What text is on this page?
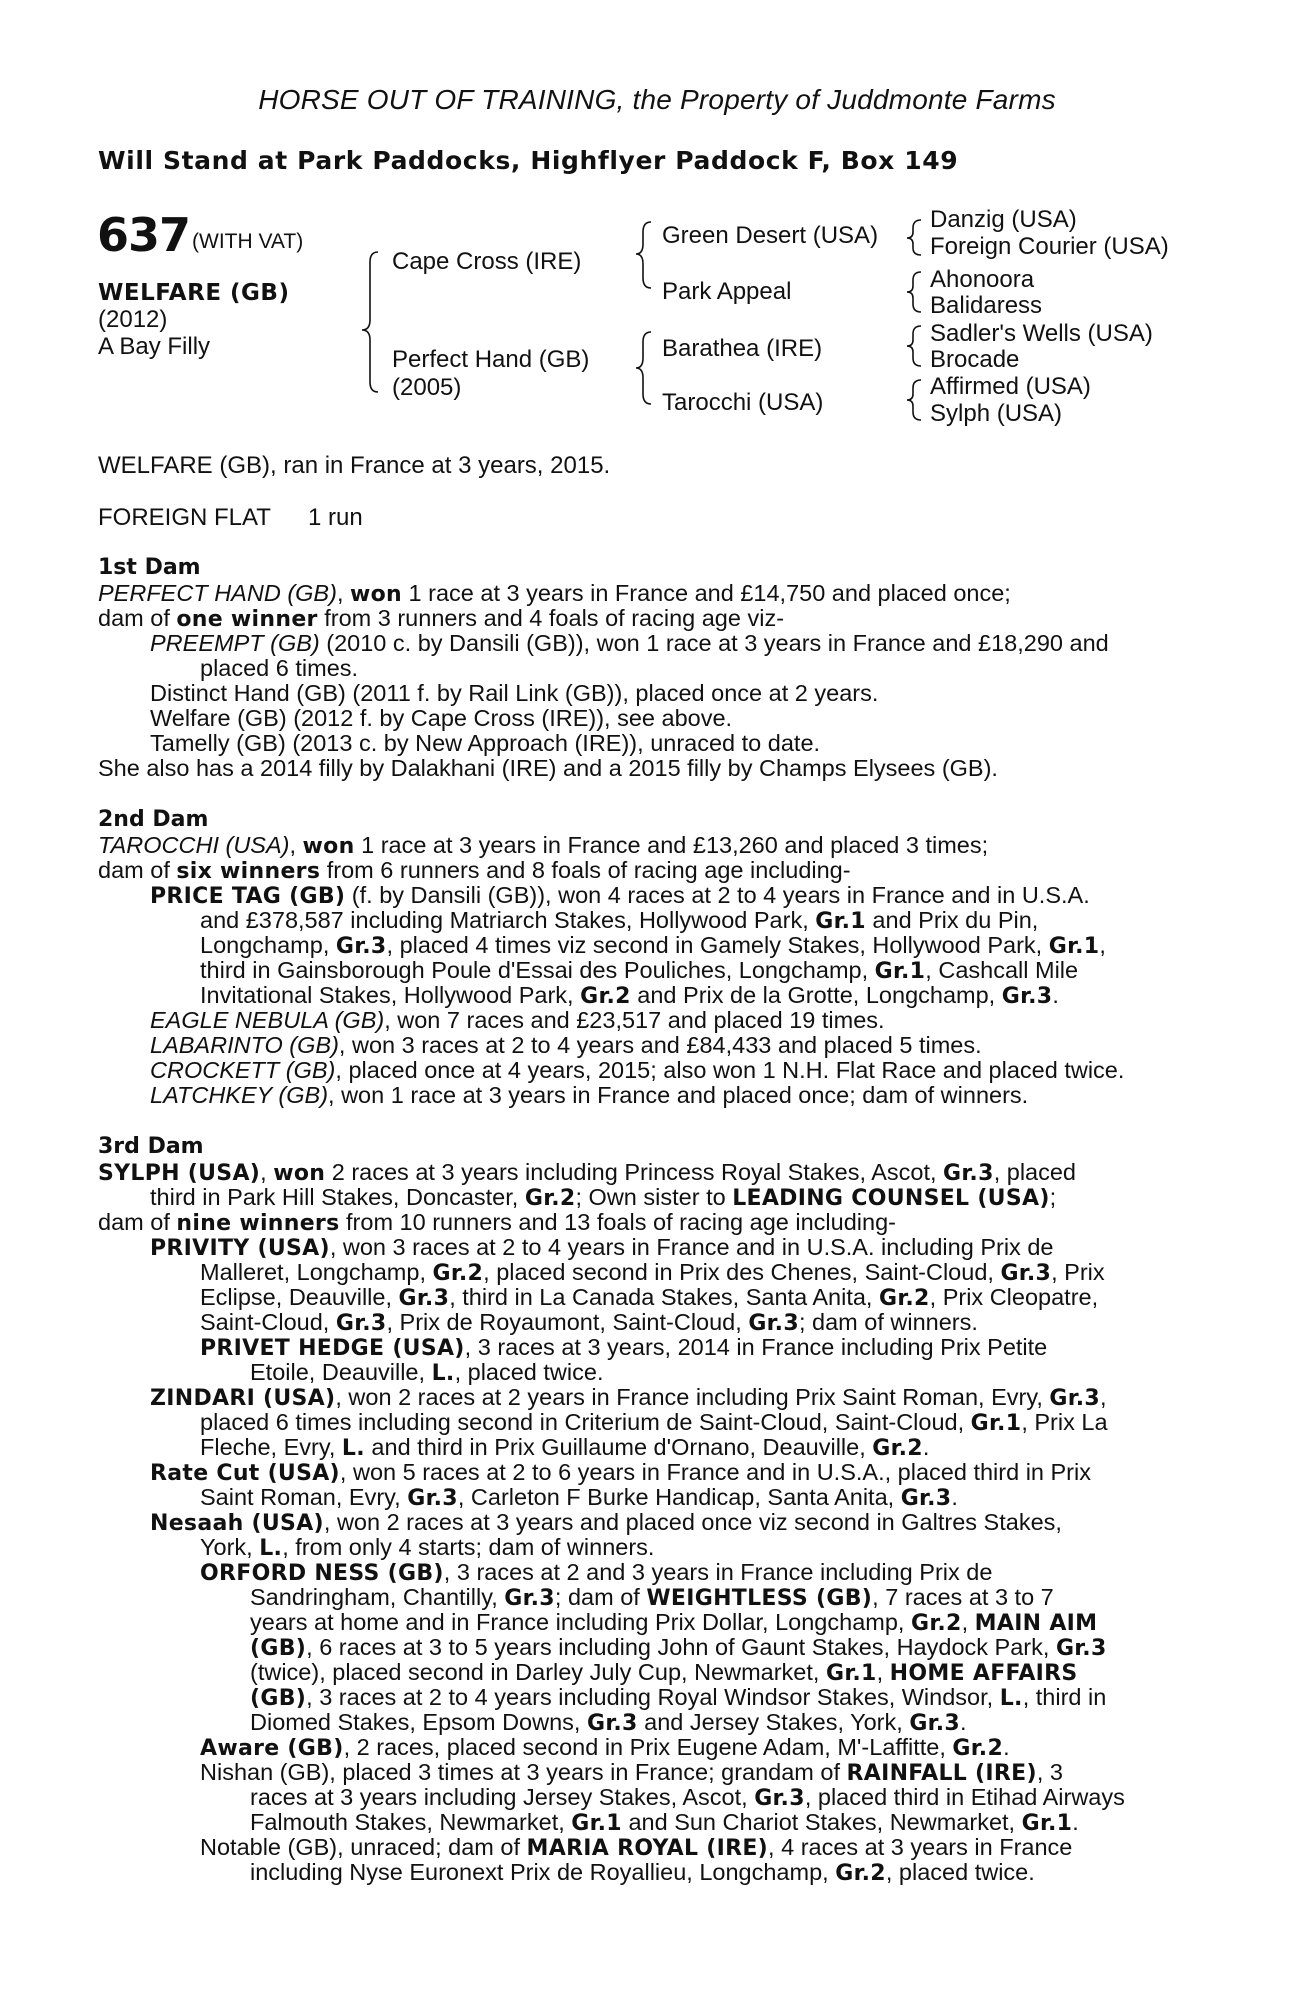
HORSE OUT OF TRAINING, the Property of Juddmonte Farms
Will Stand at Park Paddocks, Highflyer Paddock F, Box 149
637 (WITH VAT)
WELFARE (GB)
(2012)
A Bay Filly
Cape Cross (IRE)
Perfect Hand (GB)
(2005)
Green Desert (USA)
Park Appeal
Barathea (IRE)
Tarocchi (USA)
Danzig (USA)
Foreign Courier (USA)
Ahonoora
Balidaress
Sadler's Wells (USA)
Brocade
Affirmed (USA)
Sylph (USA)
WELFARE (GB), ran in France at 3 years, 2015.
FOREIGN FLAT 1 run
1st Dam
PERFECT HAND (GB), won 1 race at 3 years in France and £14,750 and placed once;
dam of one winner from 3 runners and 4 foals of racing age viz-
PREEMPT (GB) (2010 c. by Dansili (GB)), won 1 race at 3 years in France and £18,290 and
placed 6 times.
Distinct Hand (GB) (2011 f. by Rail Link (GB)), placed once at 2 years.
Welfare (GB) (2012 f. by Cape Cross (IRE)), see above.
Tamelly (GB) (2013 c. by New Approach (IRE)), unraced to date.
She also has a 2014 filly by Dalakhani (IRE) and a 2015 filly by Champs Elysees (GB).
2nd Dam
TAROCCHI (USA), won 1 race at 3 years in France and £13,260 and placed 3 times;
dam of six winners from 6 runners and 8 foals of racing age including-
PRICE TAG (GB) (f. by Dansili (GB)), won 4 races at 2 to 4 years in France and in U.S.A.
and £378,587 including Matriarch Stakes, Hollywood Park, Gr.1 and Prix du Pin,
Longchamp, Gr.3, placed 4 times viz second in Gamely Stakes, Hollywood Park, Gr.1,
third in Gainsborough Poule d'Essai des Pouliches, Longchamp, Gr.1, Cashcall Mile
Invitational Stakes, Hollywood Park, Gr.2 and Prix de la Grotte, Longchamp, Gr.3.
EAGLE NEBULA (GB), won 7 races and £23,517 and placed 19 times.
LABARINTO (GB), won 3 races at 2 to 4 years and £84,433 and placed 5 times.
CROCKETT (GB), placed once at 4 years, 2015; also won 1 N.H. Flat Race and placed twice.
LATCHKEY (GB), won 1 race at 3 years in France and placed once; dam of winners.
3rd Dam
SYLPH (USA), won 2 races at 3 years including Princess Royal Stakes, Ascot, Gr.3, placed
third in Park Hill Stakes, Doncaster, Gr.2; Own sister to LEADING COUNSEL (USA);
dam of nine winners from 10 runners and 13 foals of racing age including-
PRIVITY (USA), won 3 races at 2 to 4 years in France and in U.S.A. including Prix de
Malleret, Longchamp, Gr.2, placed second in Prix des Chenes, Saint-Cloud, Gr.3, Prix
Eclipse, Deauville, Gr.3, third in La Canada Stakes, Santa Anita, Gr.2, Prix Cleopatre,
Saint-Cloud, Gr.3, Prix de Royaumont, Saint-Cloud, Gr.3; dam of winners.
PRIVET HEDGE (USA), 3 races at 3 years, 2014 in France including Prix Petite
Etoile, Deauville, L., placed twice.
ZINDARI (USA), won 2 races at 2 years in France including Prix Saint Roman, Evry, Gr.3,
placed 6 times including second in Criterium de Saint-Cloud, Saint-Cloud, Gr.1, Prix La
Fleche, Evry, L. and third in Prix Guillaume d'Ornano, Deauville, Gr.2.
Rate Cut (USA), won 5 races at 2 to 6 years in France and in U.S.A., placed third in Prix
Saint Roman, Evry, Gr.3, Carleton F Burke Handicap, Santa Anita, Gr.3.
Nesaah (USA), won 2 races at 3 years and placed once viz second in Galtres Stakes,
York, L., from only 4 starts; dam of winners.
ORFORD NESS (GB), 3 races at 2 and 3 years in France including Prix de
Sandringham, Chantilly, Gr.3; dam of WEIGHTLESS (GB), 7 races at 3 to 7
years at home and in France including Prix Dollar, Longchamp, Gr.2, MAIN AIM
(GB), 6 races at 3 to 5 years including John of Gaunt Stakes, Haydock Park, Gr.3
(twice), placed second in Darley July Cup, Newmarket, Gr.1, HOME AFFAIRS
(GB), 3 races at 2 to 4 years including Royal Windsor Stakes, Windsor, L., third in
Diomed Stakes, Epsom Downs, Gr.3 and Jersey Stakes, York, Gr.3.
Aware (GB), 2 races, placed second in Prix Eugene Adam, M'-Laffitte, Gr.2.
Nishan (GB), placed 3 times at 3 years in France; grandam of RAINFALL (IRE), 3
races at 3 years including Jersey Stakes, Ascot, Gr.3, placed third in Etihad Airways
Falmouth Stakes, Newmarket, Gr.1 and Sun Chariot Stakes, Newmarket, Gr.1.
Notable (GB), unraced; dam of MARIA ROYAL (IRE), 4 races at 3 years in France
including Nyse Euronext Prix de Royallieu, Longchamp, Gr.2, placed twice.
